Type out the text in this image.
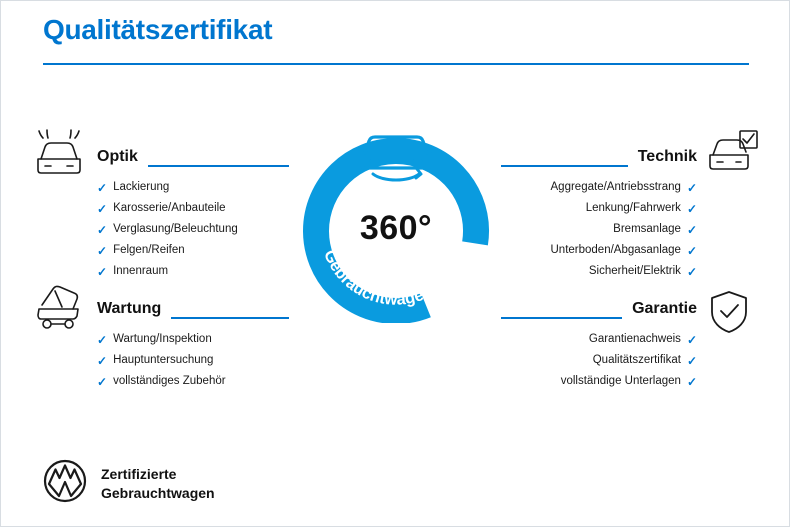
Qualitätszertifikat
Gebrauchtwagen-Check
360°
Optik
✓ Lackierung
✓ Karosserie/Anbauteile
✓ Verglasung/Beleuchtung
✓ Felgen/Reifen
✓ Innenraum
Wartung
✓ Wartung/Inspektion
✓ Hauptuntersuchung
✓ vollständiges Zubehör
Technik
✓
Aggregate/Antriebsstrang
✓
Lenkung/Fahrwerk
✓
Bremsanlage
✓
Unterboden/Abgasanlage
✓
Sicherheit/Elektrik
Garantie
✓
Garantienachweis
✓
Qualitätszertifikat
✓
vollständige Unterlagen
Zertifizierte
Gebrauchtwagen
